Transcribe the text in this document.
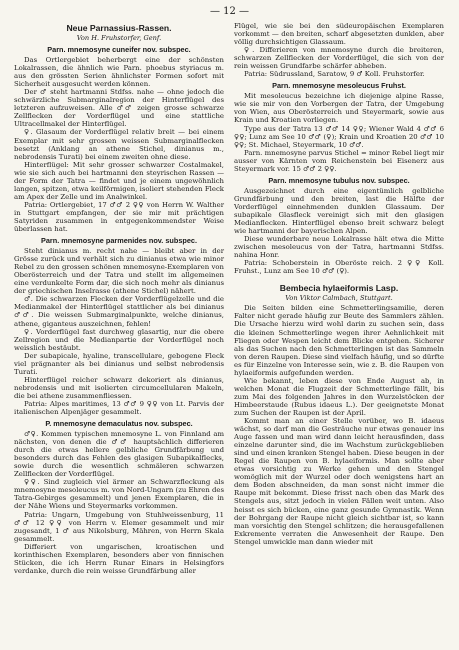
— 12 —
Neue Parnassius-Rassen.
Von H. Fruhstorfer, Genf.
Parn. mnemosyne cuneifer nov. subspec.

Das Ortlergebiet beherbergt eine der schönsten Lokalrassen, die ähnlich wie Parn. phoebus styriacus m. aus den grössten Serien ähnlichster Formen sofort mit Sicherheit ausgesucht werden können.

Der ♂ steht hartmanni Stdfss. nahe — ohne jedoch die schwärzliche Submarginalregion der Hinterflügel des letzteren aufzuweisen. Alle ♂♂ zeigen grosse schwarze Zellflecken der Vorderflügel und eine stattliche Ultracellmakel der Hinterflügel.

♀. Glasaum der Vorderflügel relativ breit — bei einem Exemplar mit sehr grossen weissen Submarginalflecken besetzt (Anklang an athene Stichel, dinianus m., nebrodensis Turati) bei einem zweiten ohne diese.

Hinterflügel: Mit sehr grosser schwarzer Costalmakel, wie sie sich auch bei hartmanni den steyrischen Rassen — der Form der Tatra — findet und je einem ungewöhnlich langen, spitzen, etwa keilförmigen, isoliert stehenden Fleck am Apex der Zelle und im Analwinkel.

Patria: Ortlergebiet, 17 ♂♂ 2 ♀♀ von Herrn W. Walther in Stuttgart empfangen, der sie mir mit prächtigen Satyriden zusammen in entgegenkommendster Weise überlassen hat.

Parn. mnemosyne parmenides nov. subspec.

Steht dinianus m. recht nahe — bleibt aber in der Grösse zurück und verhält sich zu dinianus etwa wie minor Rebel zu den grossen schönen mnemosyne-Exemplaren von Oberösterreich und der Tatra und stellt im allgemeinen eine verdunkelte Form dar, die sich noch mehr als dinianus der griechischen Inselrasse (athene Stichel) nähert.

♂. Die schwarzen Flecken der Vorderflügelzelle und die Medianmakel der Hinterflügel stattlicher als bei dinianus ♂♂. Die weissen Submarginalpunkte, welche dinianus, athene, giganteus auszeichnen, fehlen!

♀. Vorderflügel fast durchweg glasartig, nur die obere Zellregion und die Medianpartie der Vorderflügel noch weisslich bestäubt.

Der subapicale, hyaline, transcellulare, gebogene Fleck viel prägnanter als bei dinianus und selbst nebrodensis Turati.

Hinterflügel reicher schwarz dekoriert als dinianus, nebrodensis und mit isolierten circumcellularen Makeln, die bei athene zusammenfliessen.

Patria: Alpes maritimes, 13 ♂♂ 9 ♀♀ von Lt. Parvis der italienischen Alpenjäger gesammelt.

P. mnemosyne demaculatus nov. subspec.

♂♀. Kommen typischen mnemosyne L. von Finnland am nächsten, von denen die ♂♂ hauptsächlich differieren durch die etwas hellere gelbliche Grundfärbung und besonders durch das Fehlen des glasigen Subapikalflecks, sowie durch die wesentlich schmäleren schwarzen Zellflecken der Vorderflügel.

♀♀. Sind zugleich viel ärmer an Schwarzfleckung als mnemosyne mesoleucus m. von Nord-Ungarn (zu Ehren des Tatra-Gebirges gesammelt) und jenen Exemplaren, die in der Nähe Wiens und Steyermarks vorkommen.

Patria: Ungarn, Umgebung von Stuhlweissenburg, 11 ♂♂ 12 ♀♀ von Herrn v. Elemer gesammelt und mir zugesandt, 1 ♂ aus Nikolsburg, Mähren, von Herrn Skala gesammelt.

Differiert von ungarischen, kroatischen und korinthischen Exemplaren, besonders aber von finnischen Stücken, die ich Herrn Runar Einars in Helsingfors verdanke, durch die rein weisse Grundfärbung aller

Flügel, wie sie bei den südeuropäischen Exemplaren vorkommt — den breiten, scharf abgesetzten dunklen, aber völlig durchsichtigen Glassaum.

♀. Differieren von mnemosyne durch die breiteren, schwarzen Zellflecken der Vorderflügel, die sich von der rein weissen Grundfarbe schärfer abheben.

Patria: Südrussland, Saratow, 9 ♂ Koll. Fruhstorfer.

Parn. mnemosyne mesoleucus Fruhst.

Mit mesoleucus bezeichne ich diejenige alpine Rasse, wie sie mir von den Vorbergen der Tatra, der Umgebung von Wien, aus Oberösterreich und Steyermark, sowie aus Krain und Kroatien vorliegen.

Type aus der Tatra 13 ♂♂ 14 ♀♀; Wiener Wald 4 ♂♂ 6 ♀♀; Lunz am See 10 ♂♂ (♀); Krain und Kroatien 20 ♂♂ 10 ♀♀; St. Michael, Steyermark, 10 ♂♂.

Parn. mnemosyne parvus Stichel = minor Rebel liegt mir ausser von Kärnten vom Reichenstein bei Eisenerz aus Steyermark vor. 15 ♂♂ 2 ♀♀.

Parn. mnemosyne tubulus nov. subspec.

Ausgezeichnet durch eine eigentümlich gelbliche Grundfärbung und den breiten, last die Hälfte der Vorderflügel einnehmenden dunklen Glassaum. Der subapikale Glasfleck vereinigt sich mit den glasigen Medianflecken. Hinterflügel ebenso breit schwarz belegt wie hartmanni der bayerischen Alpen.

Diese wunderbare neue Lokalrasse hält etwa die Mitte zwischen mesoleucus von der Tatra, hartmanni Stdfss. nahina Honr.

Patria: Schoberstein in Oberöste reich. 2 ♀♀ Koll. Fruhst., Lunz am See 10 ♂♂ (♀).

Bembecia hylaeiformis Lasp.
Von Viktor Calmbach, Stuttgart.

Die Seiten bilden eine Schmetterlingsamilie, deren Falter nicht gerade häufig zur Beute des Sammlers zählen. Die Ursache hierzu wird wohl darin zu suchen sein, dass die kleinen Schmetterlinge wegen ihrer Aehnlichkeit mit Fliegen oder Wespen leicht dem Blicke entgehen. Sicherer als das Suchen nach den Schmetterlingen ist das Sammeln von deren Raupen. Diese sind vielfach häufig, und so dürfte es für Einzelne von Interesse sein, wie z. B. die Raupen von hylaeiformis aufgefunden werden.

Wie bekannt, leben diese von Ende August ab, in welchen Monat die Flugzeit der Schmetterlinge fällt, bis zum Mai des folgenden Jahres in den Wurzelstöcken der Himbeerstaude (Rubus idaeus L.). Der geeignetste Monat zum Suchen der Raupen ist der April.

Kommt man an einer Stelle vorüber, wo B. idaeus wächst, so darf man die Gesträuche nur etwas genauer ins Auge fassen und man wird dann leicht herausfinden, dass einzelne darunter sind, die im Wachstum zurückgeblieben sind und einen kranken Stengel haben. Diese beugen in der Regel die Raupen von B. hylaeiformis. Man sollte aber etwas vorsichtig zu Werke gehen und den Stengel womöglich mit der Wurzel oder doch wenigstens hart an dem Boden abschneiden, da man sonst nicht immer die Raupe mit bekommt. Diese frisst nach oben das Mark des Stengels aus, sitzt jedoch in vielen Fällen weit unten. Also heisst es sich bücken, eine ganz gesunde Gymnastik. Wenn der Bohrgang der Raupe nicht gleich sichtbar ist, so kann man vorsichtig den Stengel schlitzen; die herausgefallenen Exkremente verraten die Anwesenheit der Raupe. Den Stengel umwickle man dann wieder mit
